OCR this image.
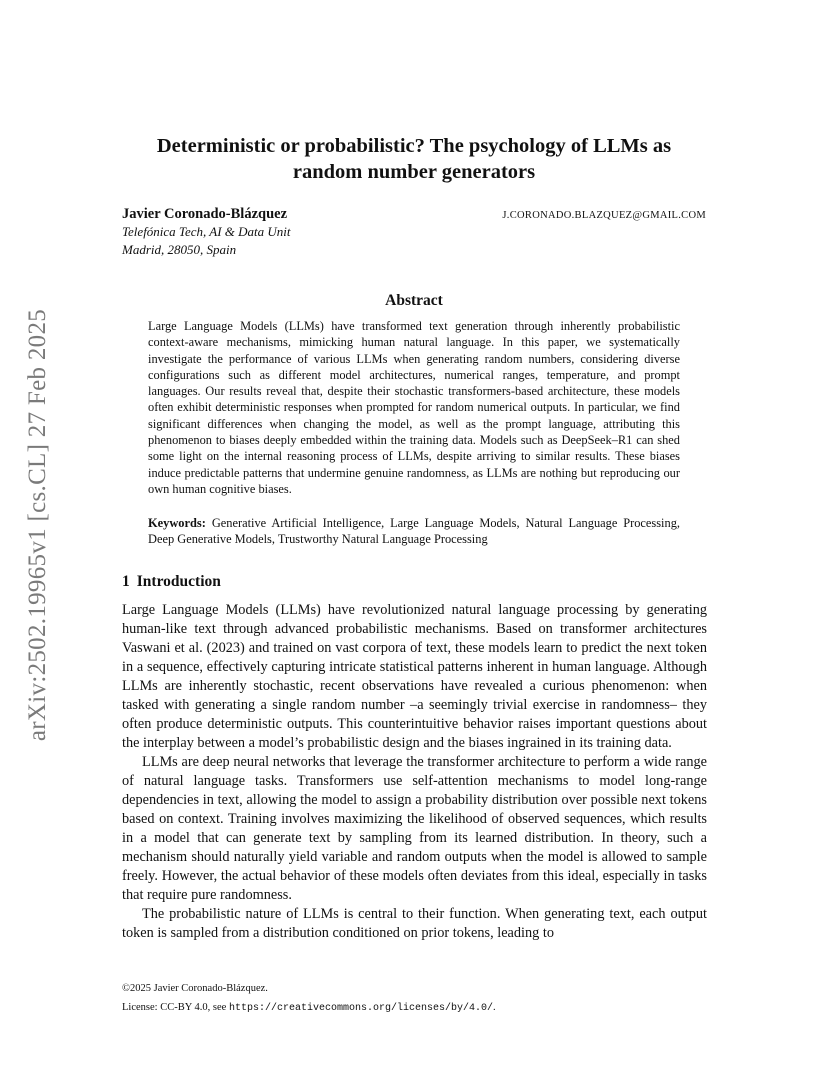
arXiv:2502.19965v1 [cs.CL] 27 Feb 2025
Deterministic or probabilistic? The psychology of LLMs as
random number generators
Javier Coronado-Blázquez	J.CORONADO.BLAZQUEZ@GMAIL.COM
Telefónica Tech, AI & Data Unit
Madrid, 28050, Spain
Abstract
Large Language Models (LLMs) have transformed text generation through inherently probabilistic context-aware mechanisms, mimicking human natural language. In this paper, we systematically investigate the performance of various LLMs when generating random numbers, considering diverse configurations such as different model architectures, numerical ranges, temperature, and prompt languages. Our results reveal that, despite their stochastic transformers-based architecture, these models often exhibit deterministic responses when prompted for random numerical outputs. In particular, we find significant differences when changing the model, as well as the prompt language, attributing this phenomenon to biases deeply embedded within the training data. Models such as DeepSeek–R1 can shed some light on the internal reasoning process of LLMs, despite arriving to similar results. These biases induce predictable patterns that undermine genuine randomness, as LLMs are nothing but reproducing our own human cognitive biases.
Keywords: Generative Artificial Intelligence, Large Language Models, Natural Language Processing, Deep Generative Models, Trustworthy Natural Language Processing
1 Introduction

Large Language Models (LLMs) have revolutionized natural language processing by generating human-like text through advanced probabilistic mechanisms. Based on transformer architectures Vaswani et al. (2023) and trained on vast corpora of text, these models learn to predict the next token in a sequence, effectively capturing intricate statistical patterns inherent in human language. Although LLMs are inherently stochastic, recent observations have revealed a curious phenomenon: when tasked with generating a single random number –a seemingly trivial exercise in randomness– they often produce deterministic outputs. This counterintuitive behavior raises important questions about the interplay between a model’s probabilistic design and the biases ingrained in its training data.

LLMs are deep neural networks that leverage the transformer architecture to perform a wide range of natural language tasks. Transformers use self-attention mechanisms to model long-range dependencies in text, allowing the model to assign a probability distribution over possible next tokens based on context. Training involves maximizing the likelihood of observed sequences, which results in a model that can generate text by sampling from its learned distribution. In theory, such a mechanism should naturally yield variable and random outputs when the model is allowed to sample freely. However, the actual behavior of these models often deviates from this ideal, especially in tasks that require pure randomness.

The probabilistic nature of LLMs is central to their function. When generating text, each output token is sampled from a distribution conditioned on prior tokens, leading to

©2025 Javier Coronado-Blázquez.
License: CC-BY 4.0, see https://creativecommons.org/licenses/by/4.0/.
